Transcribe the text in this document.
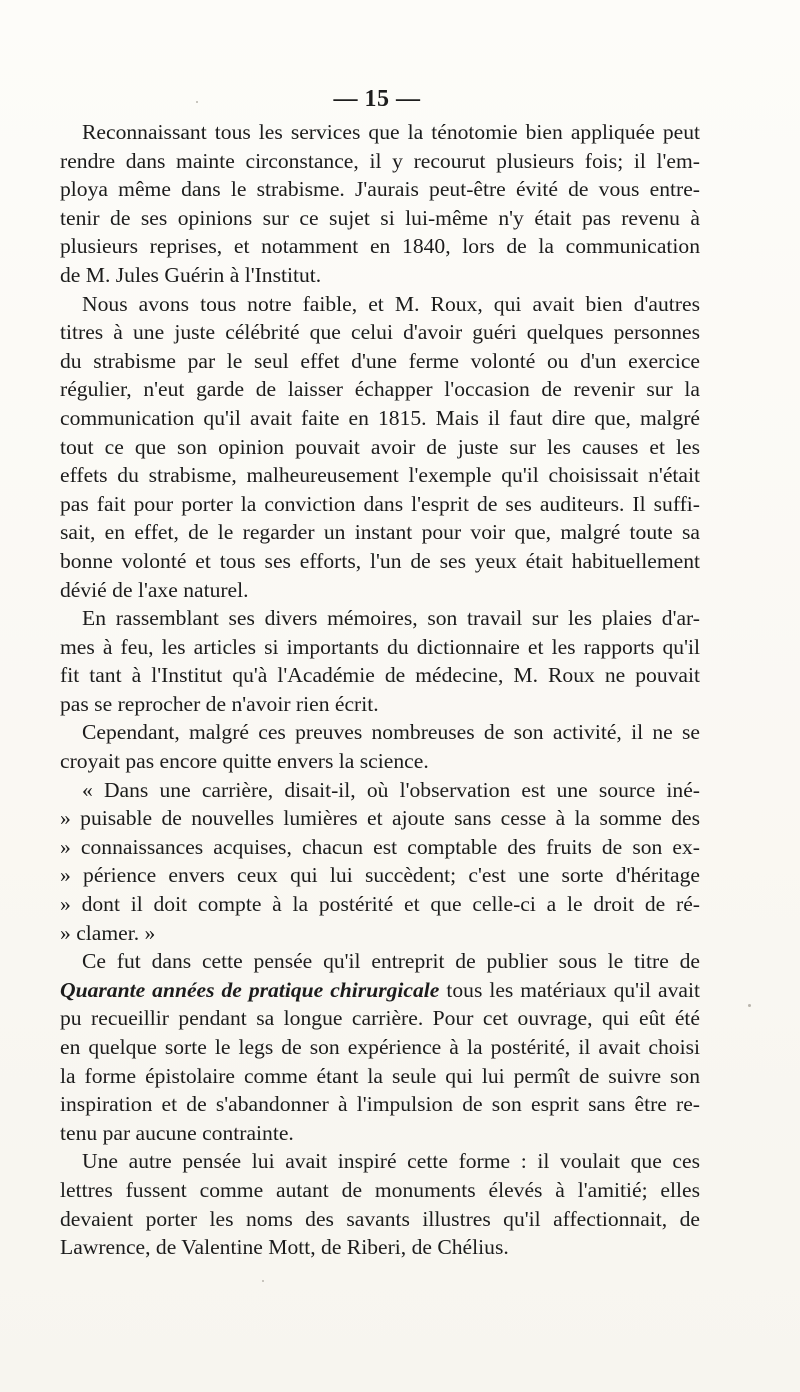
— 15 —

Reconnaissant tous les services que la ténotomie bien appliquée peut
rendre dans mainte circonstance, il y recourut plusieurs fois; il l'em-
ploya même dans le strabisme. J'aurais peut-être évité de vous entre-
tenir de ses opinions sur ce sujet si lui-même n'y était pas revenu à
plusieurs reprises, et notamment en 1840, lors de la communication
de M. Jules Guérin à l'Institut.

Nous avons tous notre faible, et M. Roux, qui avait bien d'autres
titres à une juste célébrité que celui d'avoir guéri quelques personnes
du strabisme par le seul effet d'une ferme volonté ou d'un exercice
régulier, n'eut garde de laisser échapper l'occasion de revenir sur la
communication qu'il avait faite en 1815. Mais il faut dire que, malgré
tout ce que son opinion pouvait avoir de juste sur les causes et les
effets du strabisme, malheureusement l'exemple qu'il choisissait n'était
pas fait pour porter la conviction dans l'esprit de ses auditeurs. Il suffi-
sait, en effet, de le regarder un instant pour voir que, malgré toute sa
bonne volonté et tous ses efforts, l'un de ses yeux était habituellement
dévié de l'axe naturel.

En rassemblant ses divers mémoires, son travail sur les plaies d'ar-
mes à feu, les articles si importants du dictionnaire et les rapports qu'il
fit tant à l'Institut qu'à l'Académie de médecine, M. Roux ne pouvait
pas se reprocher de n'avoir rien écrit.

Cependant, malgré ces preuves nombreuses de son activité, il ne se
croyait pas encore quitte envers la science.

« Dans une carrière, disait-il, où l'observation est une source iné-
» puisable de nouvelles lumières et ajoute sans cesse à la somme des
» connaissances acquises, chacun est comptable des fruits de son ex-
» périence envers ceux qui lui succèdent; c'est une sorte d'héritage
» dont il doit compte à la postérité et que celle-ci a le droit de ré-
» clamer. »

Ce fut dans cette pensée qu'il entreprit de publier sous le titre de
Quarante années de pratique chirurgicale tous les matériaux qu'il avait
pu recueillir pendant sa longue carrière. Pour cet ouvrage, qui eût été
en quelque sorte le legs de son expérience à la postérité, il avait choisi
la forme épistolaire comme étant la seule qui lui permît de suivre son
inspiration et de s'abandonner à l'impulsion de son esprit sans être re-
tenu par aucune contrainte.

Une autre pensée lui avait inspiré cette forme : il voulait que ces
lettres fussent comme autant de monuments élevés à l'amitié; elles
devaient porter les noms des savants illustres qu'il affectionnait, de
Lawrence, de Valentine Mott, de Riberi, de Chélius.
